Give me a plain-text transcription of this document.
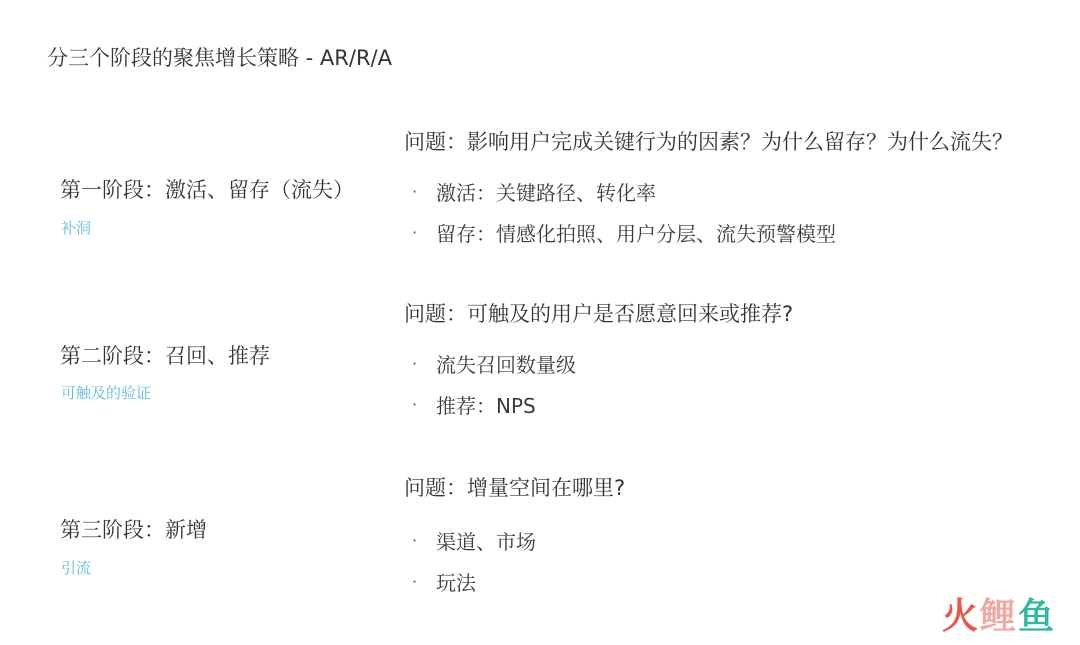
分三个阶段的聚焦增长策略 - AR/R/A
问题：影响用户完成关键行为的因素？为什么留存？为什么流失？
第一阶段：激活、留存（流失）
补洞
· 激活：关键路径、转化率
· 留存：情感化拍照、用户分层、流失预警模型
问题：可触及的用户是否愿意回来或推荐?
第二阶段：召回、推荐
可触及的验证
· 流失召回数量级
· 推荐：NPS
问题：增量空间在哪里?
第三阶段：新增
引流
· 渠道、市场
· 玩法
火鲤鱼
